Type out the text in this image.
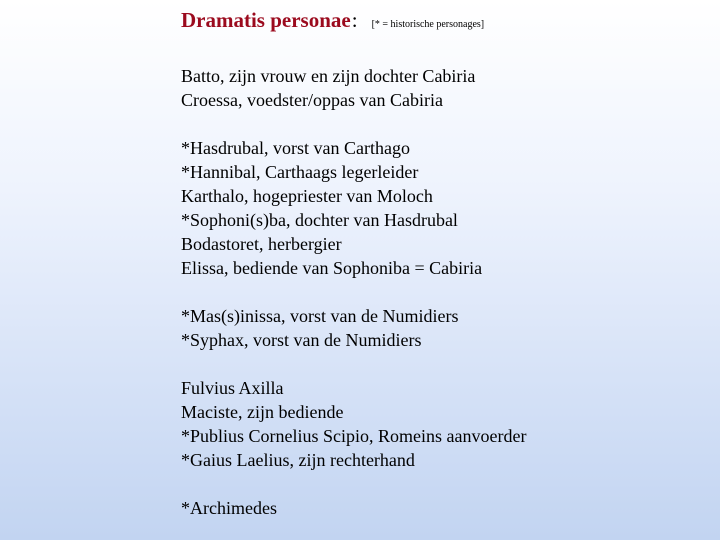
Dramatis personae : [* = historische personages]
Batto, zijn vrouw en zijn dochter Cabiria
Croessa, voedster/oppas van Cabiria
*Hasdrubal, vorst van Carthago
*Hannibal, Carthaags legerleider
Karthalo, hogepriester van Moloch
*Sophoni(s)ba, dochter van Hasdrubal
Bodastoret, herbergier
Elissa, bediende van Sophoniba = Cabiria
*Mas(s)inissa, vorst van de Numidiers
*Syphax, vorst van de Numidiers
Fulvius Axilla
Maciste, zijn bediende
*Publius Cornelius Scipio, Romeins aanvoerder
*Gaius Laelius, zijn rechterhand
*Archimedes
